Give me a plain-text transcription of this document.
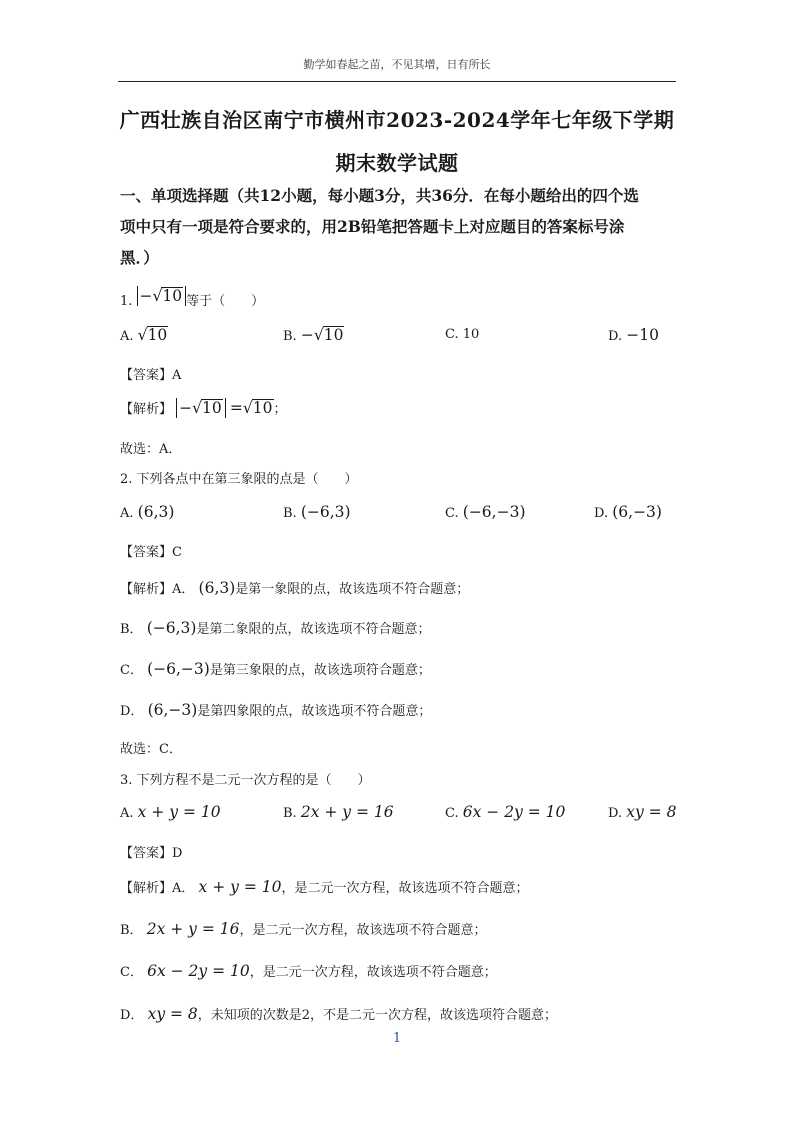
勤学如春起之苗，不见其增，日有所长
广西壮族自治区南宁市横州市2023-2024学年七年级下学期
期末数学试题
一、单项选择题（共12小题，每小题3分，共36分．在每小题给出的四个选
项中只有一项是符合要求的，用2B铅笔把答题卡上对应题目的答案标号涂
黑．）
1. −√10 等于（　　）
A. √10	B. −√10	C. 10	D. −10
【答案】A
【解析】 −√10 =√10；
故选：A．
2. 下列各点中在第三象限的点是（　　）
A. (6,3)	B. (−6,3)	C. (−6,−3)	D. (6,−3)
【答案】C
【解析】A． (6,3)是第一象限的点，故该选项不符合题意；
B． (−6,3)是第二象限的点，故该选项不符合题意；
C． (−6,−3)是第三象限的点，故该选项符合题意；
D． (6,−3)是第四象限的点，故该选项不符合题意；
故选：C．
3. 下列方程不是二元一次方程的是（　　）
A. x + y = 10	B. 2x + y = 16	C. 6x − 2y = 10	D. xy = 8
【答案】D
【解析】A． x + y = 10，是二元一次方程，故该选项不符合题意；
B． 2x + y = 16，是二元一次方程，故该选项不符合题意；
C． 6x − 2y = 10，是二元一次方程，故该选项不符合题意；
D． xy = 8，未知项的次数是2，不是二元一次方程，故该选项符合题意；
1
